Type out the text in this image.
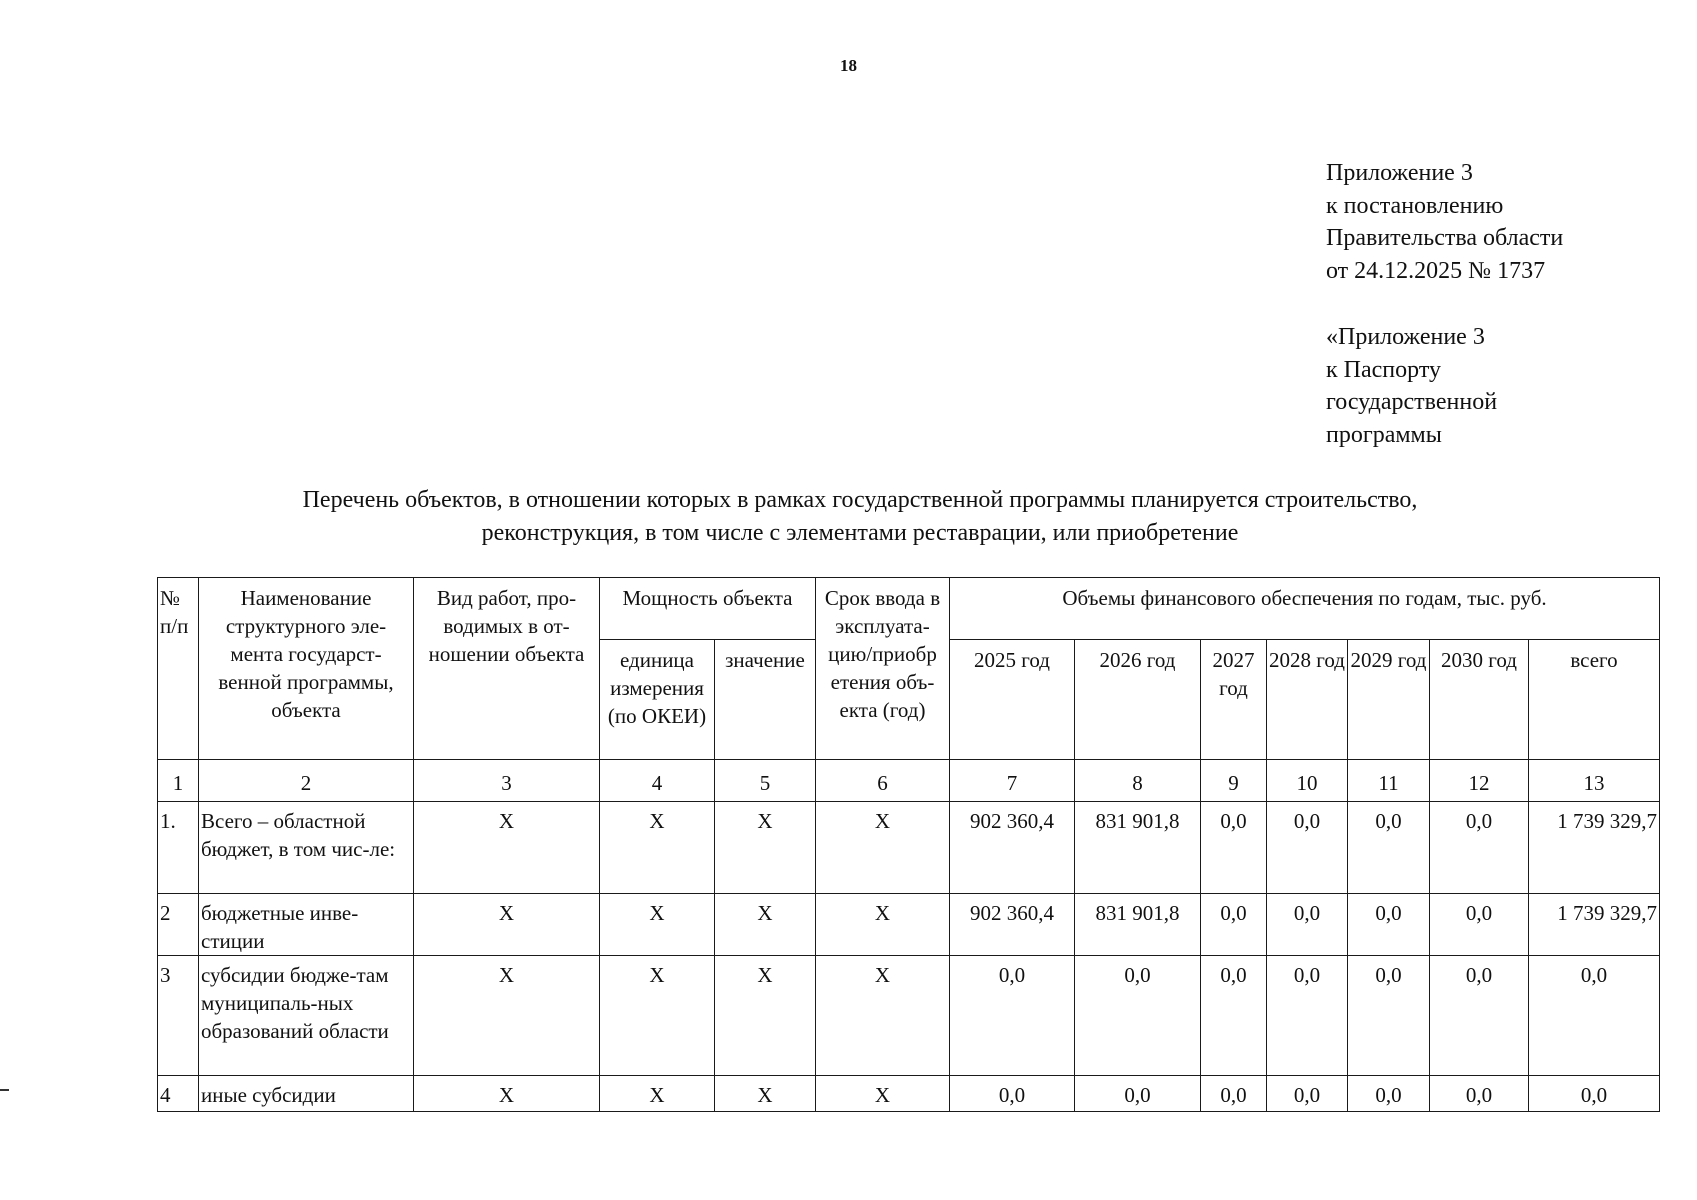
18
Приложение 3
к постановлению
Правительства области
от 24.12.2025 № 1737
«Приложение 3
к Паспорту
государственной
программы
Перечень объектов, в отношении которых в рамках государственной программы планируется строительство,
реконструкция, в том числе с элементами реставрации, или приобретение
№ п/п	Наименование структурного эле-мента государст-венной программы, объекта	Вид работ, про-водимых в от-ношении объекта	Мощность объекта		Срок ввода в эксплуата-цию/приобр етения объ-екта (год)	Объемы финансового обеспечения по годам, тыс. руб.						
			единица измерения (по ОКЕИ)	значение		2025 год	2026 год	2027 год	2028 год	2029 год	2030 год	всего
1	2	3	4	5	6	7	8	9	10	11	12	13
1.	Всего – областной бюджет, в том чис-ле:	Х	Х	Х	Х	902 360,4	831 901,8	0,0	0,0	0,0	0,0	1 739 329,7
2	бюджетные инве-стиции	Х	Х	Х	Х	902 360,4	831 901,8	0,0	0,0	0,0	0,0	1 739 329,7
3	субсидии бюдже-там муниципаль-ных образований области	Х	Х	Х	Х	0,0	0,0	0,0	0,0	0,0	0,0	0,0
4	иные субсидии	Х	Х	Х	Х	0,0	0,0	0,0	0,0	0,0	0,0	0,0
